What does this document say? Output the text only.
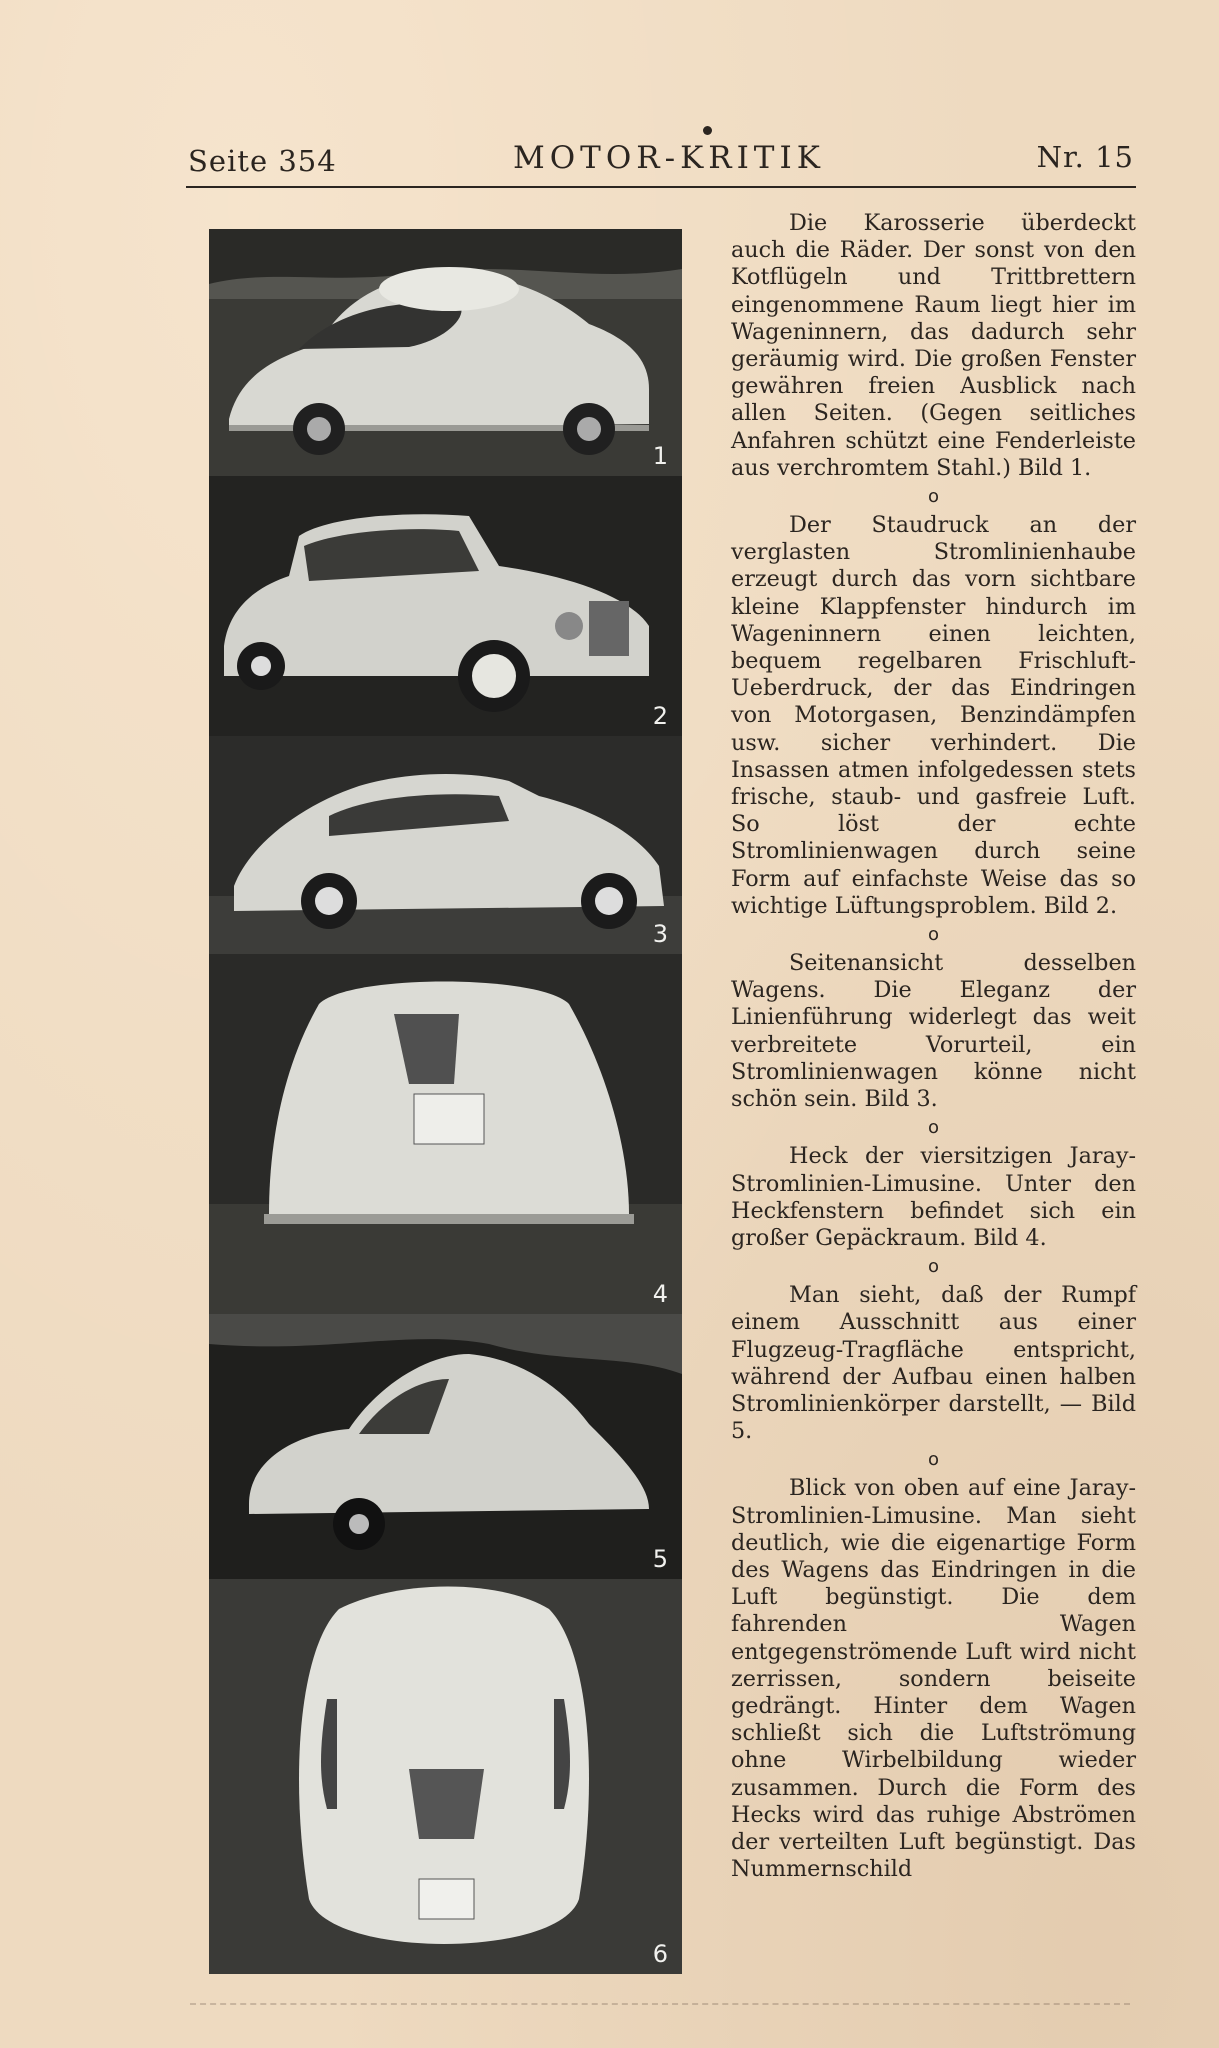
Seite 354	MOTOR-KRITIK	Nr. 15
1
2
3
4
5
6

Die Karosserie überdeckt auch die Räder. Der sonst von den Kotflügeln und Trittbrettern eingenommene Raum liegt hier im Wageninnern, das dadurch sehr geräumig wird. Die großen Fenster gewähren freien Ausblick nach allen Seiten. (Gegen seitliches Anfahren schützt eine Fenderleiste aus verchromtem Stahl.) Bild 1.

o

Der Staudruck an der verglasten Stromlinienhaube erzeugt durch das vorn sichtbare kleine Klappfenster hindurch im Wageninnern einen leichten, bequem regelbaren Frischluft-Ueberdruck, der das Eindringen von Motorgasen, Benzindämpfen usw. sicher verhindert. Die Insassen atmen infolgedessen stets frische, staub- und gasfreie Luft. So löst der echte Stromlinienwagen durch seine Form auf einfachste Weise das so wichtige Lüftungsproblem. Bild 2.

o

Seitenansicht desselben Wagens. Die Eleganz der Linienführung widerlegt das weit verbreitete Vorurteil, ein Stromlinienwagen könne nicht schön sein. Bild 3.

o

Heck der viersitzigen Jaray-Stromlinien-Limusine. Unter den Heckfenstern befindet sich ein großer Gepäckraum. Bild 4.

o

Man sieht, daß der Rumpf einem Ausschnitt aus einer Flugzeug-Tragfläche entspricht, während der Aufbau einen halben Stromlinienkörper darstellt, — Bild 5.

o

Blick von oben auf eine Jaray-Stromlinien-Limusine. Man sieht deutlich, wie die eigenartige Form des Wagens das Eindringen in die Luft begünstigt. Die dem fahrenden Wagen entgegenströmende Luft wird nicht zerrissen, sondern beiseite gedrängt. Hinter dem Wagen schließt sich die Luftströmung ohne Wirbelbildung wieder zusammen. Durch die Form des Hecks wird das ruhige Abströmen der verteilten Luft begünstigt. Das Nummernschild
